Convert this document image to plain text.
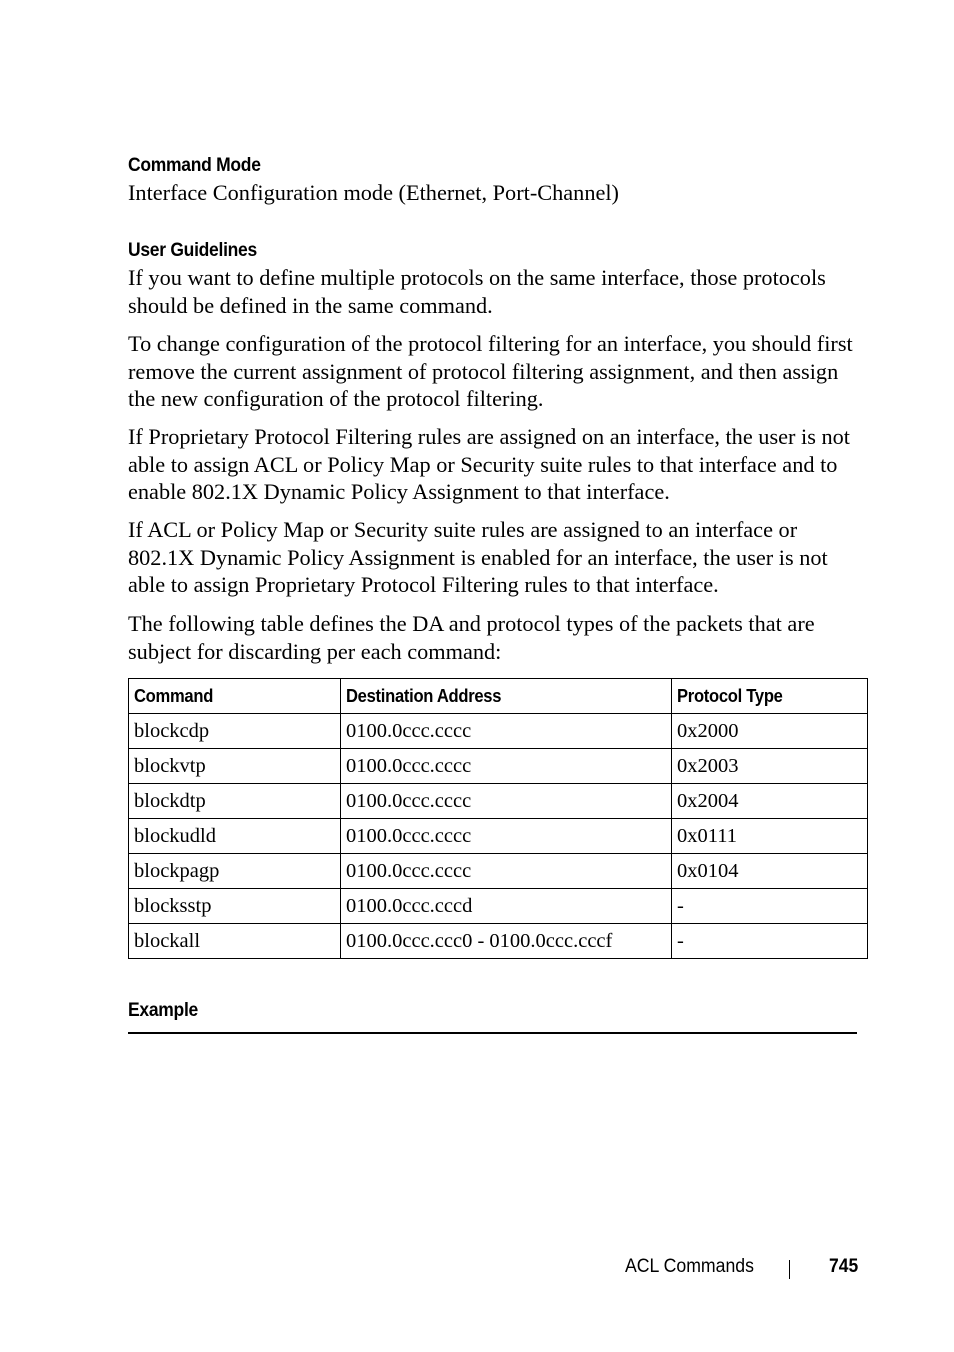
Command Mode

Interface Configuration mode (Ethernet, Port-Channel)

User Guidelines

If you want to define multiple protocols on the same interface, those protocols should be defined in the same command.

To change configuration of the protocol filtering for an interface, you should first remove the current assignment of protocol filtering assignment, and then assign the new configuration of the protocol filtering.

If Proprietary Protocol Filtering rules are assigned on an interface, the user is not able to assign ACL or Policy Map or Security suite rules to that interface and to enable 802.1X Dynamic Policy Assignment to that interface.

If ACL or Policy Map or Security suite rules are assigned to an interface or 802.1X Dynamic Policy Assignment is enabled for an interface, the user is not able to assign Proprietary Protocol Filtering rules to that interface.

The following table defines the DA and protocol types of the packets that are subject for discarding per each command:

Command	Destination Address	Protocol Type
blockcdp	0100.0ccc.cccc	0x2000
blockvtp	0100.0ccc.cccc	0x2003
blockdtp	0100.0ccc.cccc	0x2004
blockudld	0100.0ccc.cccc	0x0111
blockpagp	0100.0ccc.cccc	0x0104
blocksstp	0100.0ccc.cccd	-
blockall	0100.0ccc.ccc0 - 0100.0ccc.cccf	-
Example
ACL Commands	745
